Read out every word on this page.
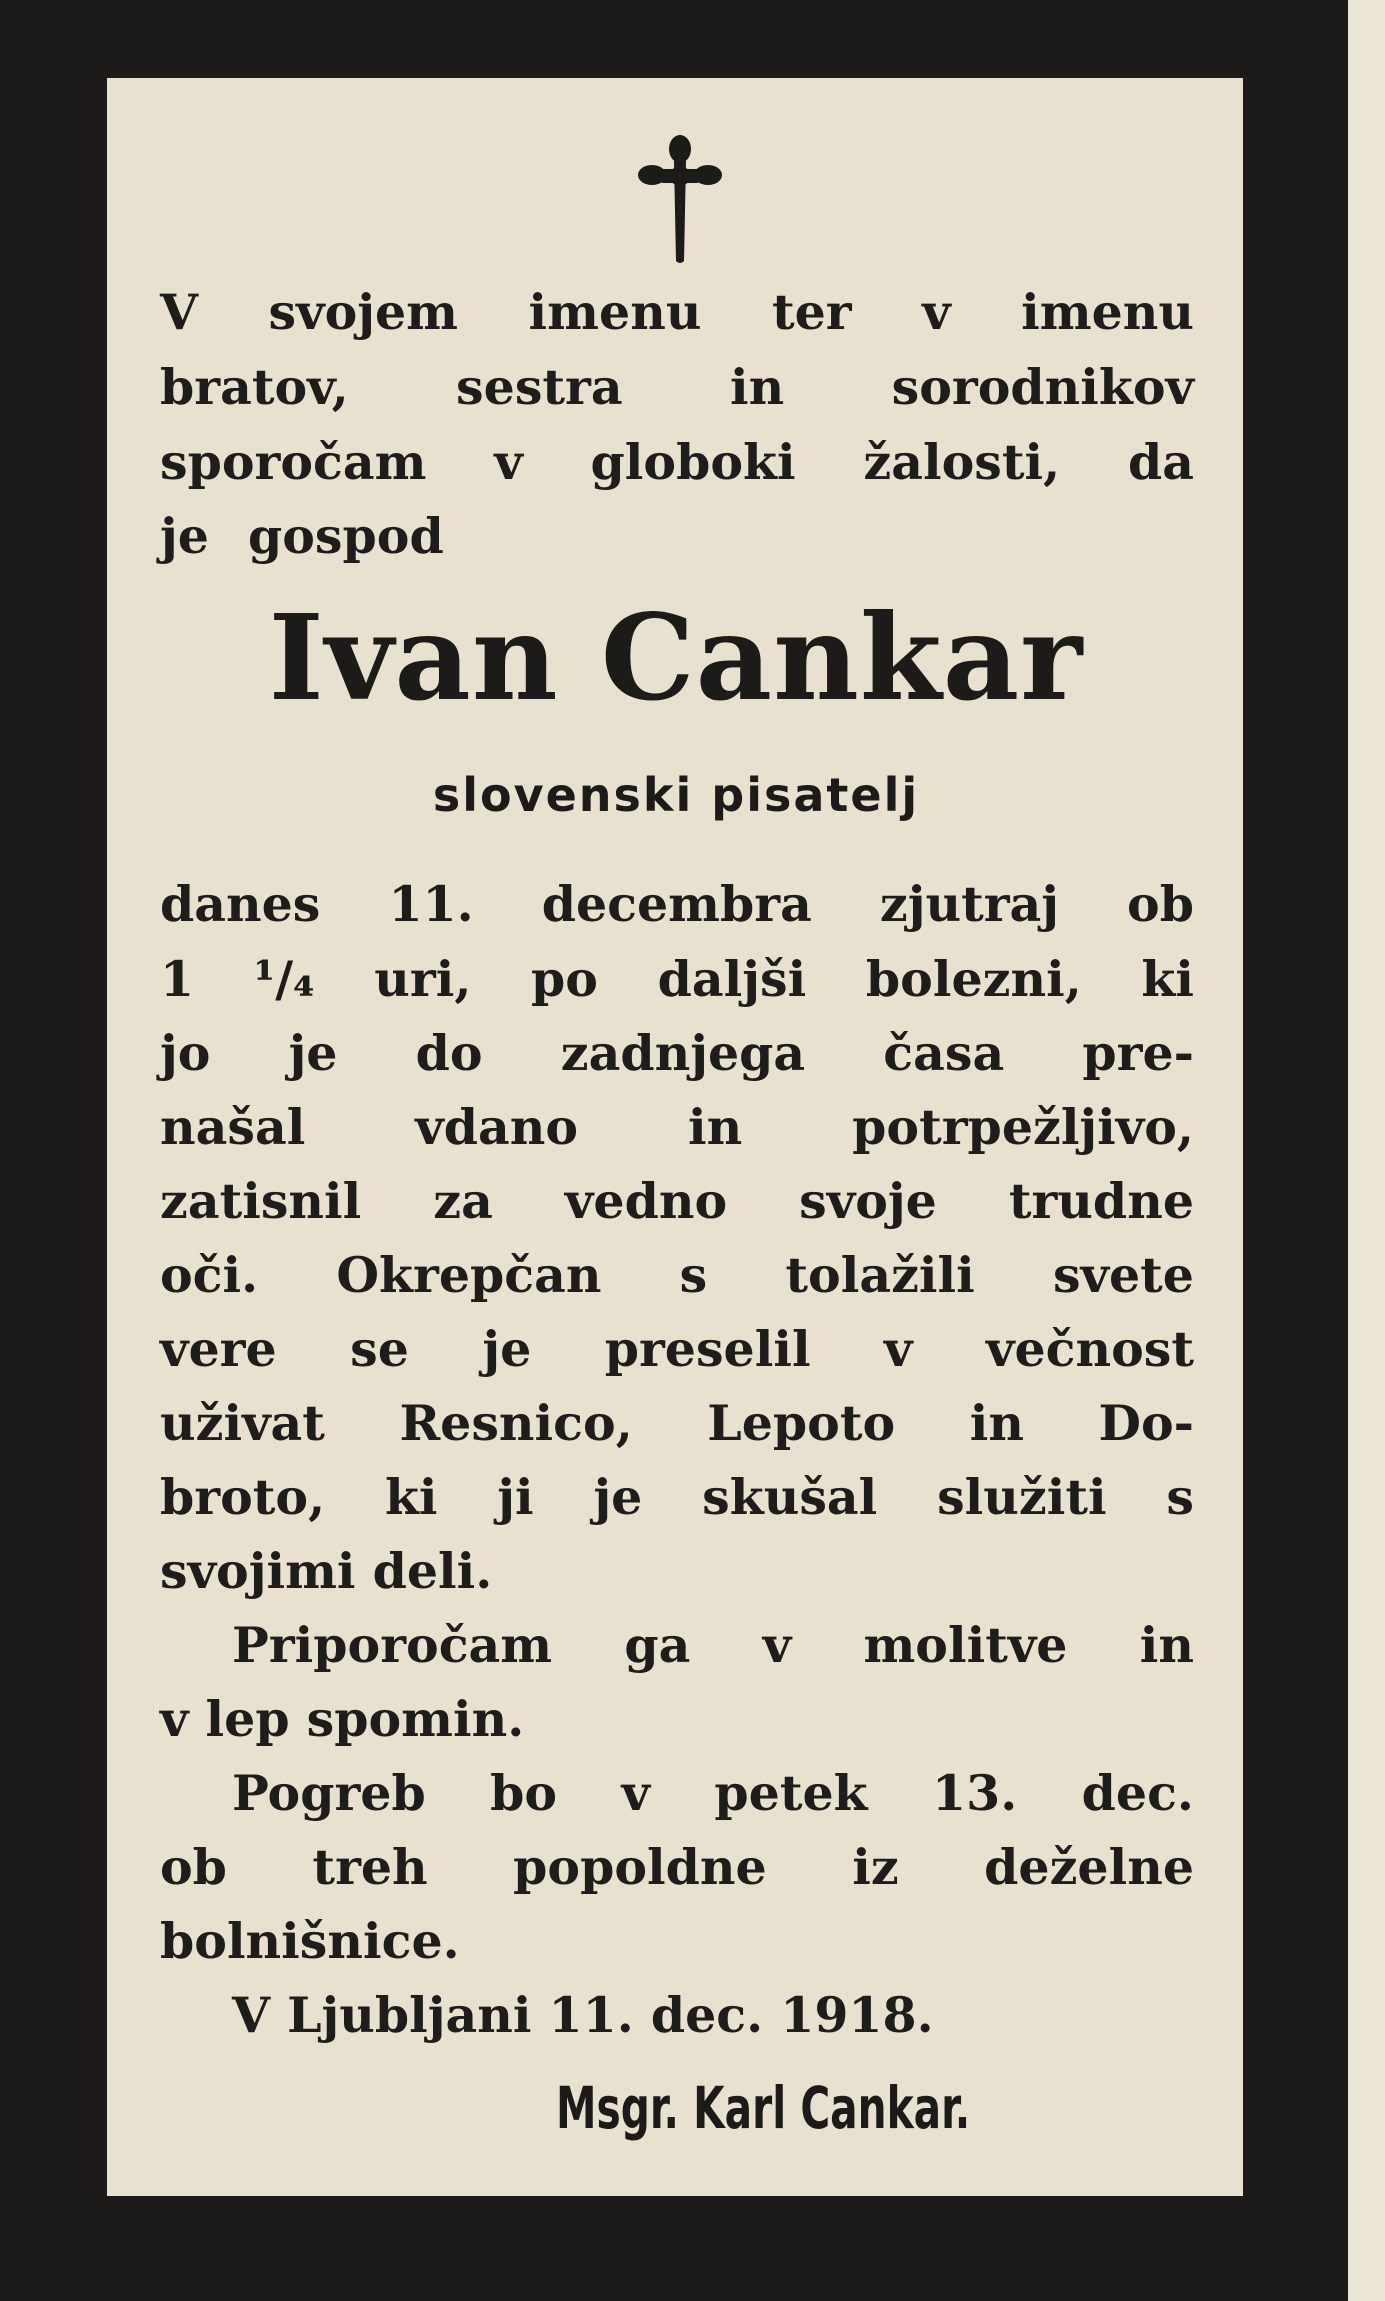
V svojem imenu ter v imenu
bratov, sestra in sorodnikov
sporočam v globoki žalosti, da
je gospod
Ivan Cankar
slovenski pisatelj
danes 11. decembra zjutraj ob
1 ¹/₄ uri, po dalјši bolezni, ki
jo je do zadnjega časa pre-
našal vdano in potrpežljivo,
zatisnil za vedno svoje trudne
oči. Okrepčan s tolažili svete
vere se je preselil v večnost
uživat Resnico, Lepoto in Do-
broto, ki ji je skušal služiti s
svojimi deli.
Priporočam ga v molitve in
v lep spomin.
Pogreb bo v petek 13. dec.
ob treh popoldne iz deželne
bolnišnice.
V Ljubljani 11. dec. 1918.
Msgr. Karl Cankar.
